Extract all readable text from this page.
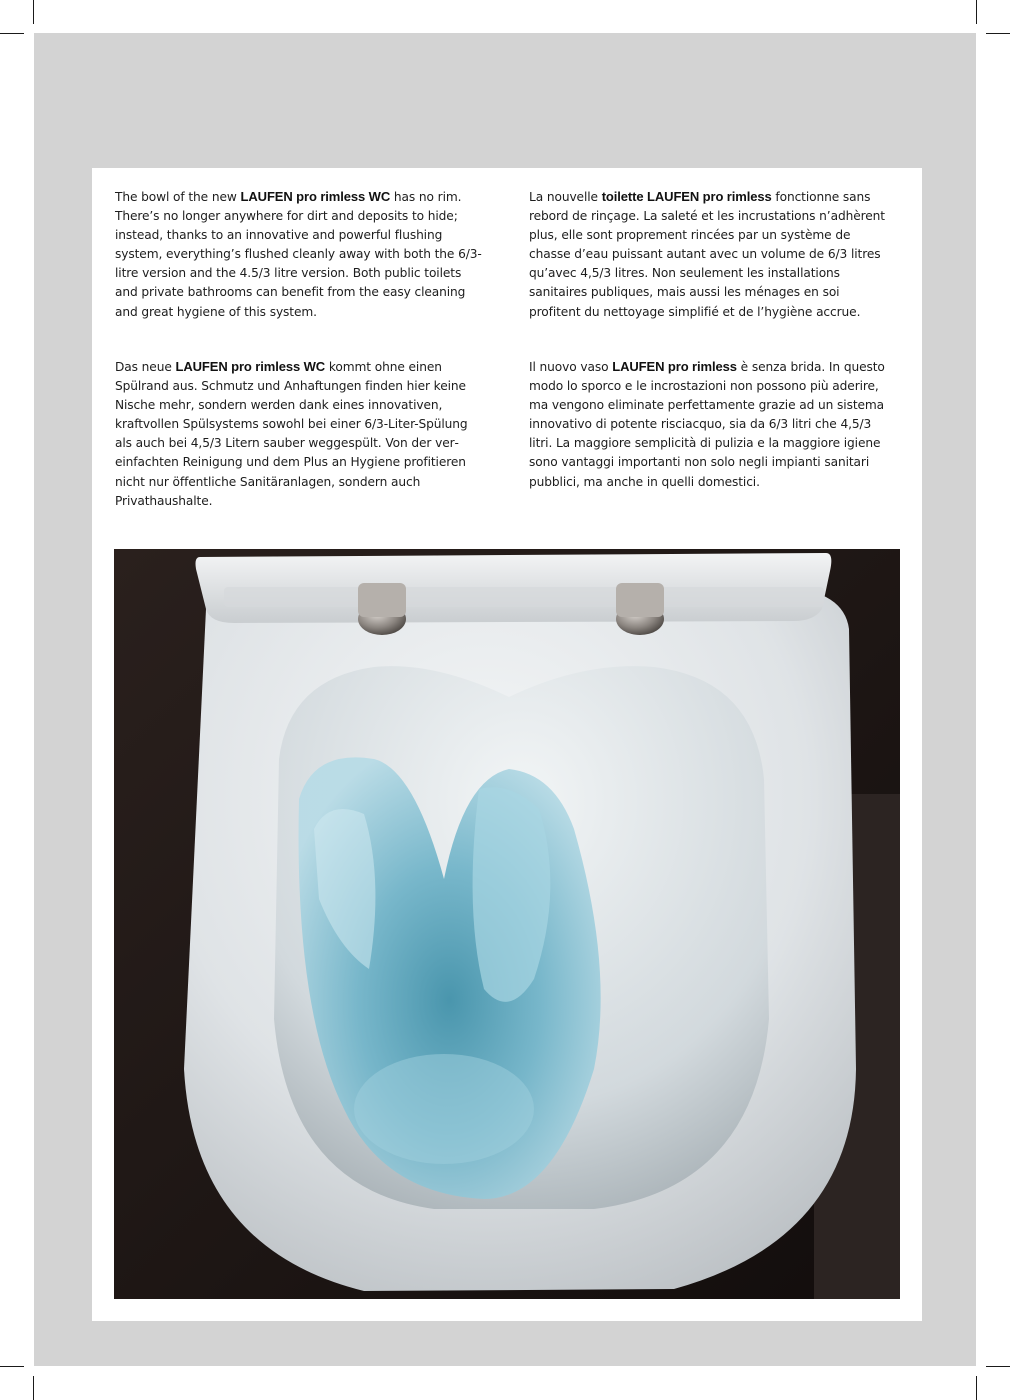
The bowl of the new LAUFEN pro rimless WC has no rim. There’s no longer anywhere for dirt and deposits to hide; instead, thanks to an innovative and powerful flushing system, everything’s flushed cleanly away with both the 6/3-litre version and the 4.5/3 litre version. Both public toilets and private bathrooms can benefit from the easy cleaning and great hygiene of this system.

La nouvelle toilette LAUFEN pro rimless fonctionne sans rebord de rinçage. La saleté et les incrustations n’adhèrent plus, elle sont proprement rincées par un système de chasse d’eau puissant autant avec un volume de 6/3 litres qu’avec 4,5/3 litres. Non seulement les installations sanitaires publiques, mais aussi les ménages en soi profitent du nettoyage simplifié et de l’hygiène accrue.

Das neue LAUFEN pro rimless WC kommt ohne einen Spülrand aus. Schmutz und Anhaftungen finden hier keine Nische mehr, sondern werden dank eines innovativen, kraftvollen Spülsystems sowohl bei einer 6/3-Liter-Spülung als auch bei 4,5/3 Litern sauber weggespült. Von der vereinfachten Reinigung und dem Plus an Hygiene profitieren nicht nur öffentliche Sanitäranlagen, sondern auch Privathaushalte.

Il nuovo vaso LAUFEN pro rimless è senza brida. In questo modo lo sporco e le incrostazioni non possono più aderire, ma vengono eliminate perfettamente grazie ad un sistema innovativo di potente risciacquo, sia da 6/3 litri che 4,5/3 litri. La maggiore semplicità di pulizia e la maggiore igiene sono vantaggi importanti non solo negli impianti sanitari pubblici, ma anche in quelli domestici.
